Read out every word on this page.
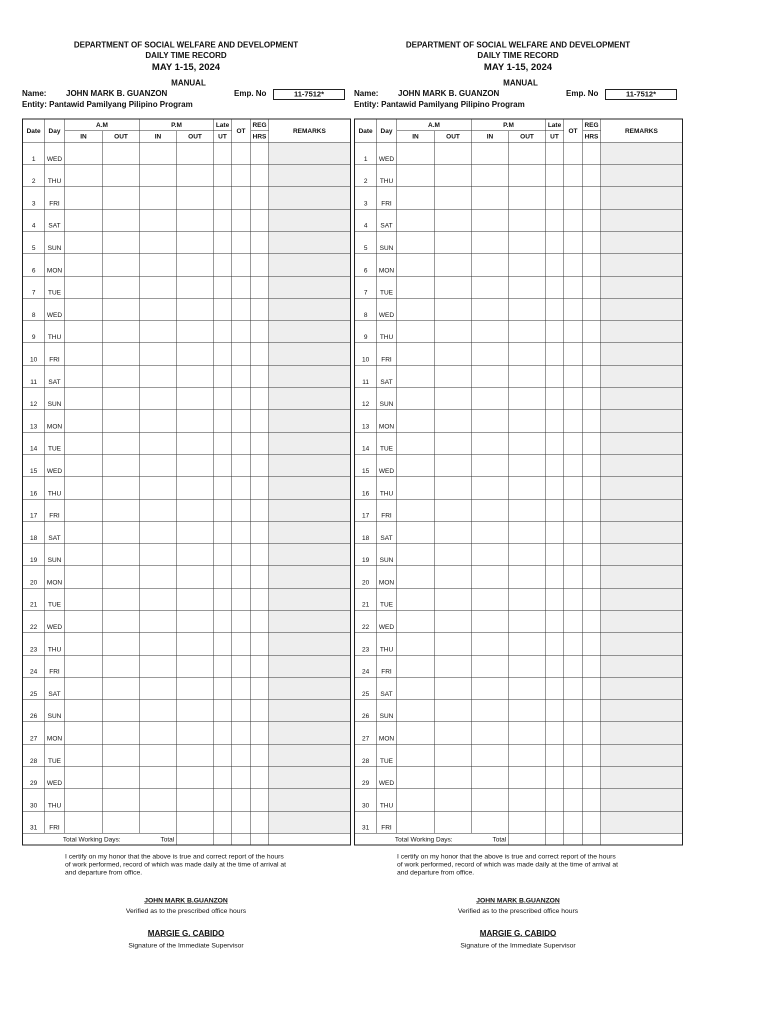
DEPARTMENT OF SOCIAL WELFARE AND DEVELOPMENT
DAILY TIME RECORD
MAY 1-15, 2024
MANUAL
Name: JOHN MARK B. GUANZON	Emp. No	11-7512*
Entity: Pantawid Pamilyang Pilipino Program
Date	Day	A.M		P.M		Late	OT	REG	REMARKS
		IN	OUT	IN	OUT	UT		HRS	
1	WED								
2	THU								
3	FRI								
4	SAT								
5	SUN								
6	MON								
7	TUE								
8	WED								
9	THU								
10	FRI								
11	SAT								
12	SUN								
13	MON								
14	TUE								
15	WED								
16	THU								
17	FRI								
18	SAT								
19	SUN								
20	MON								
21	TUE								
22	WED								
23	THU								
24	FRI								
25	SAT								
26	SUN								
27	MON								
28	TUE								
29	WED								
30	THU								
31	FRI								
Total Working Days: Total									

I certify on my honor that the above is true and correct report of the hours of work performed, record of which was made daily at the time of arrival at and departure from office.
JOHN MARK B.GUANZON
Verified as to the prescribed office hours
MARGIE G. CABIDO
Signature of the Immediate Supervisor
DEPARTMENT OF SOCIAL WELFARE AND DEVELOPMENT
DAILY TIME RECORD
MAY 1-15, 2024
MANUAL
Name: JOHN MARK B. GUANZON	Emp. No	11-7512*
Entity: Pantawid Pamilyang Pilipino Program
Date	Day	A.M		P.M		Late	OT	REG	REMARKS
		IN	OUT	IN	OUT	UT		HRS	
1	WED								
2	THU								
3	FRI								
4	SAT								
5	SUN								
6	MON								
7	TUE								
8	WED								
9	THU								
10	FRI								
11	SAT								
12	SUN								
13	MON								
14	TUE								
15	WED								
16	THU								
17	FRI								
18	SAT								
19	SUN								
20	MON								
21	TUE								
22	WED								
23	THU								
24	FRI								
25	SAT								
26	SUN								
27	MON								
28	TUE								
29	WED								
30	THU								
31	FRI								
Total Working Days: Total									

I certify on my honor that the above is true and correct report of the hours of work performed, record of which was made daily at the time of arrival at and departure from office.
JOHN MARK B.GUANZON
Verified as to the prescribed office hours
MARGIE G. CABIDO
Signature of the Immediate Supervisor
